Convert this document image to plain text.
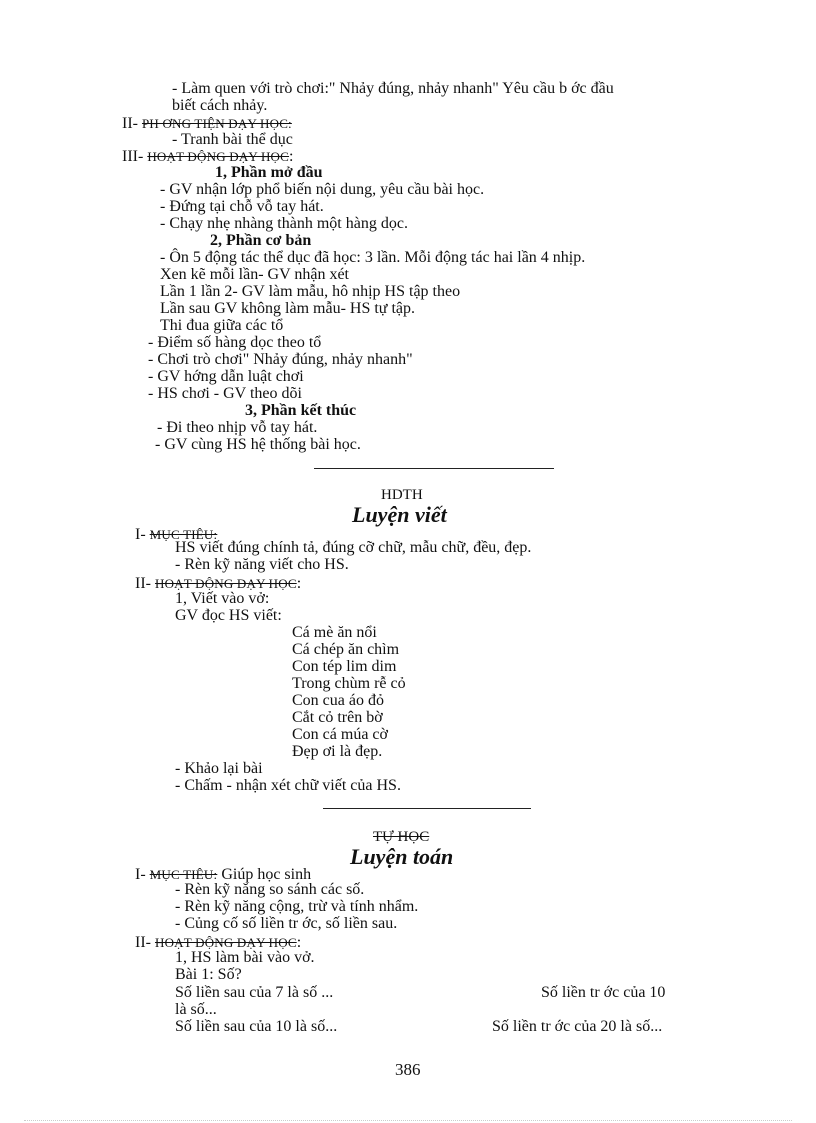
- Làm quen với trò chơi:" Nhảy đúng, nhảy nhanh" Yêu cầu b ớc đầu
biết cách nhảy.
II- PH ƠNG TIỆN DẠY HỌC:
- Tranh bài thể dục
III- HOẠT ĐỘNG DẠY HỌC:
1, Phần mở đầu
- GV nhận lớp phổ biến nội dung, yêu cầu bài học.
- Đứng tại chỗ vỗ tay hát.
- Chạy nhẹ nhàng thành một hàng dọc.
2, Phần cơ bản
- Ôn 5 động tác thể dục đã học: 3 lần. Mỗi động tác hai lần 4 nhịp.
Xen kẽ mỗi lần- GV nhận xét
Lần 1 lần 2- GV làm mẫu, hô nhịp HS tập theo
Lần sau GV không làm mẫu- HS tự tập.
Thi đua giữa các tổ
- Điểm số hàng dọc theo tổ
- Chơi trò chơi" Nhảy đúng, nhảy nhanh"
- GV hớng dẫn luật chơi
- HS chơi - GV theo dõi
3, Phần kết thúc
- Đi theo nhịp vỗ tay hát.
- GV cùng HS hệ thống bài học.
HDTH
Luyện viết
I- MỤC TIÊU:
HS viết đúng chính tả, đúng cỡ chữ, mẫu chữ, đều, đẹp.
- Rèn kỹ năng viết cho HS.
II- HOẠT ĐỘNG DẠY HỌC:
1, Viết vào vở:
GV đọc HS viết:
Cá mè ăn nổi
Cá chép ăn chìm
Con tép lim dim
Trong chùm rễ cỏ
Con cua áo đỏ
Cắt cỏ trên bờ
Con cá múa cờ
Đẹp ơi là đẹp.
- Khảo lại bài
- Chấm - nhận xét chữ viết của HS.
TỰ HỌC
Luyện toán
I- MỤC TIÊU: Giúp học sinh
- Rèn kỹ năng so sánh các số.
- Rèn kỹ năng cộng, trừ và tính nhẩm.
- Củng cố số liền tr ớc, số liền sau.
II- HOẠT ĐỘNG DẠY HỌC:
1, HS làm bài vào vở.
Bài 1: Số?
Số liền sau của 7 là số ...	Số liền tr ớc của 10
là số...
Số liền sau của 10 là số...	Số liền tr ớc của 20 là số...
386
